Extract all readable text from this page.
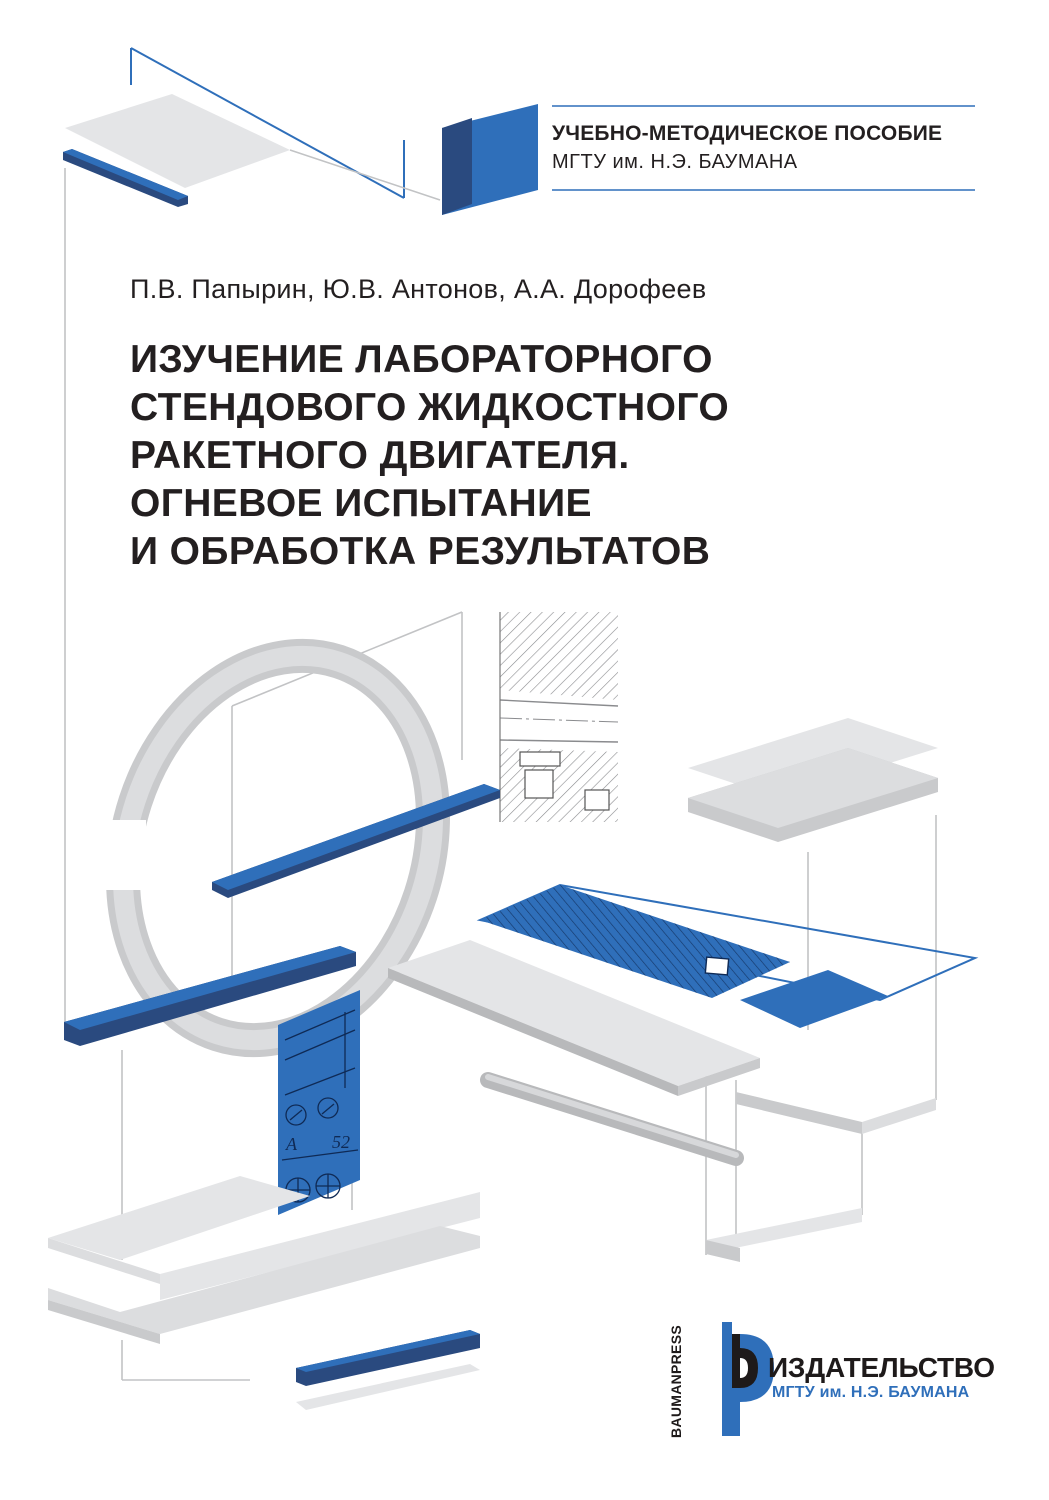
А 52
УЧЕБНО-МЕТОДИЧЕСКОЕ ПОСОБИЕ
МГТУ им. Н.Э. БАУМАНА
П.В. Папырин, Ю.В. Антонов, А.А. Дорофеев
ИЗУЧЕНИЕ ЛАБОРАТОРНОГО
СТЕНДОВОГО ЖИДКОСТНОГО
РАКЕТНОГО ДВИГАТЕЛЯ.
ОГНЕВОЕ ИСПЫТАНИЕ
И ОБРАБОТКА РЕЗУЛЬТАТОВ
BAUMANPRESS	ИЗДАТЕЛЬСТВО
МГТУ им. Н.Э. БАУМАНА
